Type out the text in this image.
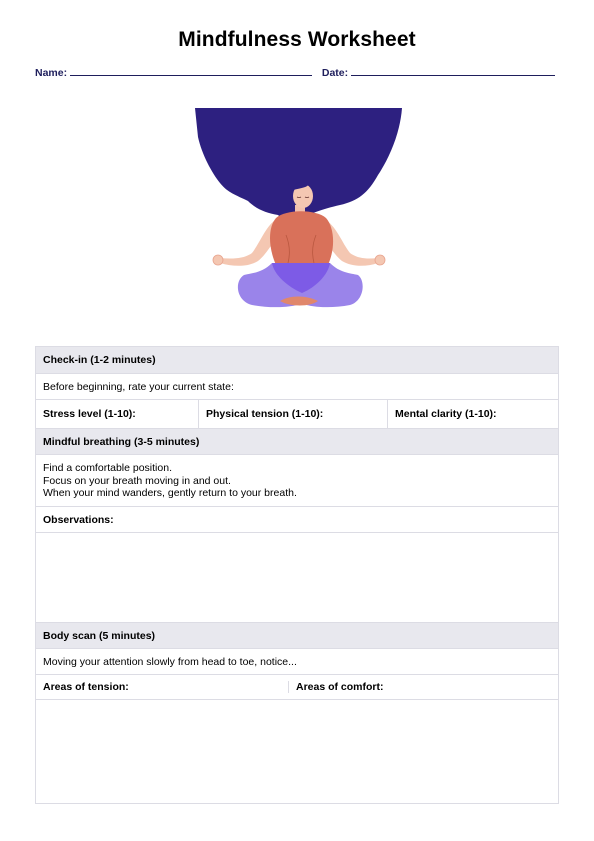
Mindfulness Worksheet
Name:	Date:
Check-in (1-2 minutes)
Before beginning, rate your current state:
Stress level (1-10):	Physical tension (1-10):	Mental clarity (1-10):
Mindful breathing (3-5 minutes)
Find a comfortable position.
Focus on your breath moving in and out.
When your mind wanders, gently return to your breath.
Observations:
Body scan (5 minutes)
Moving your attention slowly from head to toe, notice...
Areas of tension:	Areas of comfort:
